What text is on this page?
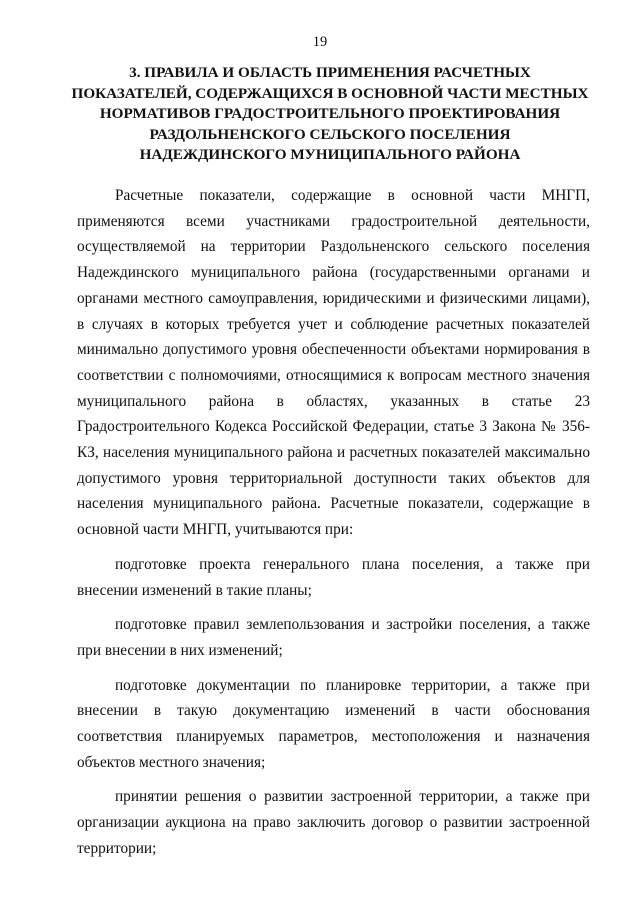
19
3. ПРАВИЛА И ОБЛАСТЬ ПРИМЕНЕНИЯ РАСЧЕТНЫХ
ПОКАЗАТЕЛЕЙ, СОДЕРЖАЩИХСЯ В ОСНОВНОЙ ЧАСТИ МЕСТНЫХ
НОРМАТИВОВ ГРАДОСТРОИТЕЛЬНОГО ПРОЕКТИРОВАНИЯ
РАЗДОЛЬНЕНСКОГО СЕЛЬСКОГО ПОСЕЛЕНИЯ
НАДЕЖДИНСКОГО МУНИЦИПАЛЬНОГО РАЙОНА

Расчетные показатели, содержащие в основной части МНГП, применяются всеми участниками градостроительной деятельности, осуществляемой на территории Раздольненского сельского поселения Надеждинского муниципального района (государственными органами и органами местного самоуправления, юридическими и физическими лицами), в случаях в которых требуется учет и соблюдение расчетных показателей минимально допустимого уровня обеспеченности объектами нормирования в соответствии с полномочиями, относящимися к вопросам местного значения муниципального района в областях, указанных в статье 23 Градостроительного Кодекса Российской Федерации, статье 3 Закона № 356-КЗ, населения муниципального района и расчетных показателей максимально допустимого уровня территориальной доступности таких объектов для населения муниципального района. Расчетные показатели, содержащие в основной части МНГП, учитываются при:

подготовке проекта генерального плана поселения, а также при внесении изменений в такие планы;

подготовке правил землепользования и застройки поселения, а также при внесении в них изменений;

подготовке документации по планировке территории, а также при внесении в такую документацию изменений в части обоснования соответствия планируемых параметров, местоположения и назначения объектов местного значения;

принятии решения о развитии застроенной территории, а также при организации аукциона на право заключить договор о развитии застроенной территории;
